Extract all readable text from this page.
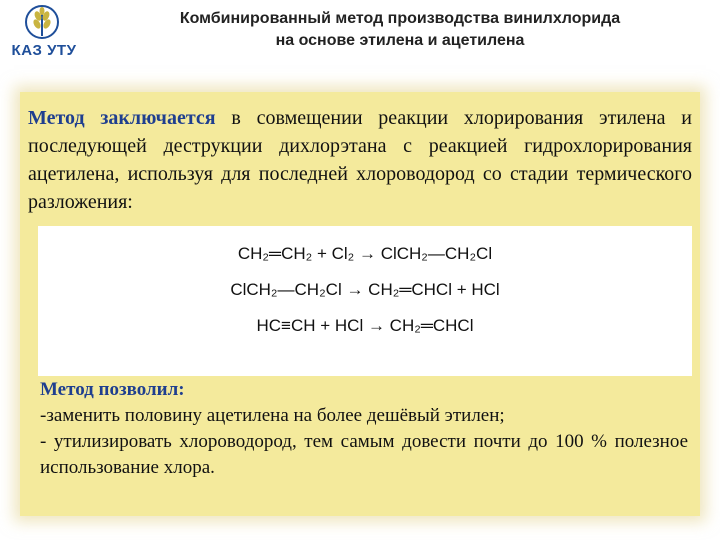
КАЗ УТУ
Комбинированный метод производства винилхлорида
на основе этилена и ацетилена
Метод заключается в совмещении реакции хлорирования этилена и последующей деструкции дихлорэтана с реакцией гидрохлорирования ацетилена, используя для последней хлороводород со стадии термического разложения:
CH₂═CH₂ + Cl₂ → ClCH₂—CH₂Cl
ClCH₂—CH₂Cl → CH₂═CHCl + HCl
HC≡CH + HCl → CH₂═CHCl
Метод позволил:
-заменить половину ацетилена на более дешёвый этилен;
- утилизировать хлороводород, тем самым довести почти до 100 % полезное использование хлора.
